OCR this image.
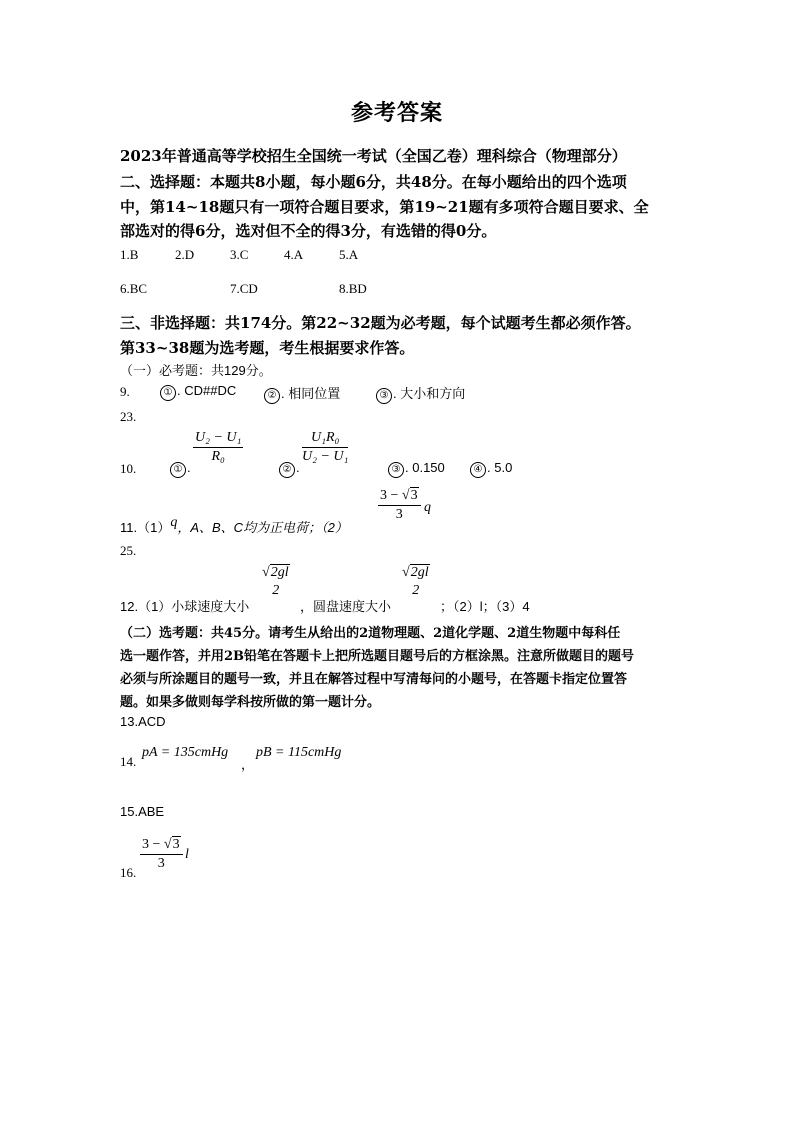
参考答案
2023年普通高等学校招生全国统一考试（全国乙卷）理科综合（物理部分）
二、选择题：本题共8小题，每小题6分，共48分。在每小题给出的四个选项
中，第14~18题只有一项符合题目要求，第19~21题有多项符合题目要求、全
部选对的得6分，选对但不全的得3分，有选错的得0分。
1.B	2.D	3.C	4.A	5.A
6.BC	7.CD	8.BD
三、非选择题：共174分。第22~32题为必考题，每个试题考生都必须作答。
第33~38题为选考题，考生根据要求作答。
（一）必考题：共129分。
9.	① . CD##DC	② . 相同位置	③ . 大小和方向
23.
10.	① .
$\frac{\text{U₂ − U₁}}{\text{R₀}}$
② .
$\frac{\text{U₁R₀}}{\text{U₂ − U₁}}$
③ . 0.150	④ . 5.0
11.（1）q，A、B、C均为正电荷；（2）
$\frac{3 - √3}{3}$ q
25.
12.（1）小球速度大小
√2gl
2
，圆盘速度大小
√2gl
2
；（2）l；（3）4
（二）选考题：共45分。请考生从给出的2道物理题、2道化学题、2道生物题中每科任
选一题作答，并用2B铅笔在答题卡上把所选题目题号后的方框涂黑。注意所做题目的题号
必须与所涂题目的题号一致，并且在解答过程中写清每问的小题号，在答题卡指定位置答
题。如果多做则每学科按所做的第一题计分。
13.ACD
14.
pA = 135cmHg
，
pB = 115cmHg
15.ABE
16. $\frac{3 - √3}{3}$ l
